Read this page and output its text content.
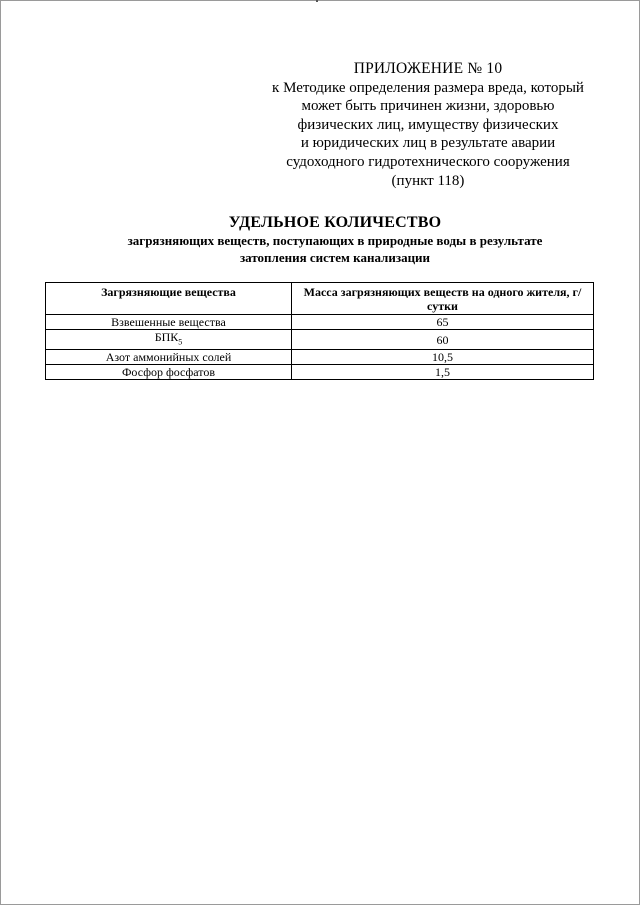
ПРИЛОЖЕНИЕ № 10
к Методике определения размера вреда, который
может быть причинен жизни, здоровью
физических лиц, имуществу физических
и юридических лиц в результате аварии
судоходного гидротехнического сооружения
(пункт 118)
УДЕЛЬНОЕ КОЛИЧЕСТВО
загрязняющих веществ, поступающих в природные воды в результате
затопления систем канализации
Загрязняющие вещества	Масса загрязняющих веществ на одного жителя, г/сутки
Взвешенные вещества	65
$БПК_5$	60
Азот аммонийных солей	10,5
Фосфор фосфатов	1,5
